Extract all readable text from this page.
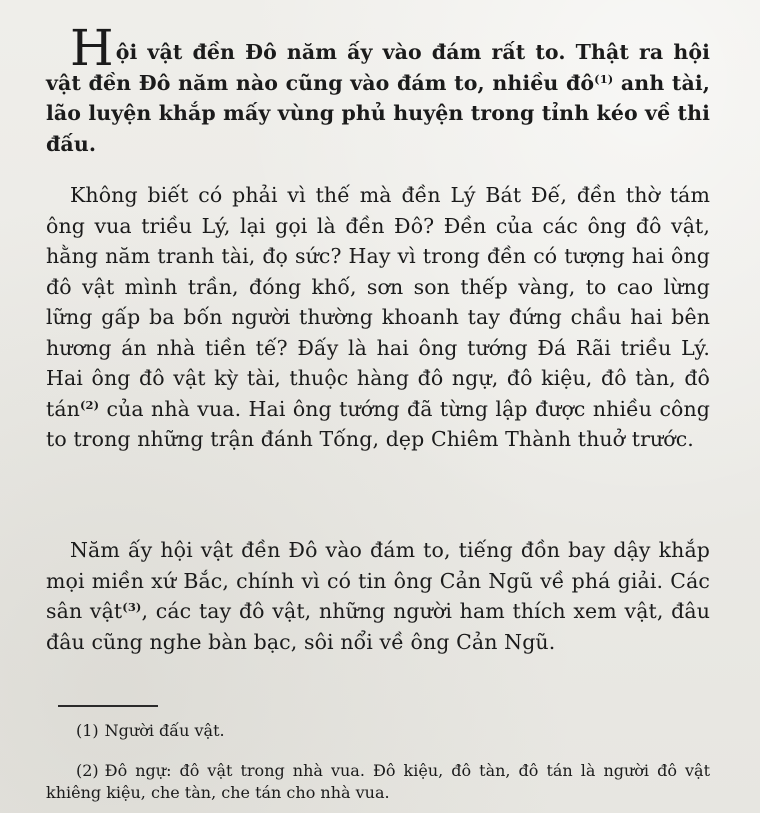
Hội vật đền Đô năm ấy vào đám rất to. Thật ra hội vật đền Đô năm nào cũng vào đám to, nhiều đô$^{(1)}$ anh tài, lão luyện khắp mấy vùng phủ huyện trong tỉnh kéo về thi đấu.

Không biết có phải vì thế mà đền Lý Bát Đế, đền thờ tám ông vua triều Lý, lại gọi là đền Đô? Đền của các ông đô vật, hằng năm tranh tài, đọ sức? Hay vì trong đền có tượng hai ông đô vật mình trần, đóng khố, sơn son thếp vàng, to cao lừng lững gấp ba bốn người thường khoanh tay đứng chầu hai bên hương án nhà tiền tế? Đấy là hai ông tướng Đá Rãi triều Lý. Hai ông đô vật kỳ tài, thuộc hàng đô ngự, đô kiệu, đô tàn, đô tán$^{(2)}$ của nhà vua. Hai ông tướng đã từng lập được nhiều công to trong những trận đánh Tống, dẹp Chiêm Thành thuở trước.

Năm ấy hội vật đền Đô vào đám to, tiếng đồn bay dậy khắp mọi miền xứ Bắc, chính vì có tin ông Cản Ngũ về phá giải. Các sân vật$^{(3)}$, các tay đô vật, những người ham thích xem vật, đâu đâu cũng nghe bàn bạc, sôi nổi về ông Cản Ngũ.

(1) Người đấu vật.
(2) Đô ngự: đô vật trong nhà vua. Đô kiệu, đô tàn, đô tán là người đô vật khiêng kiệu, che tàn, che tán cho nhà vua.
